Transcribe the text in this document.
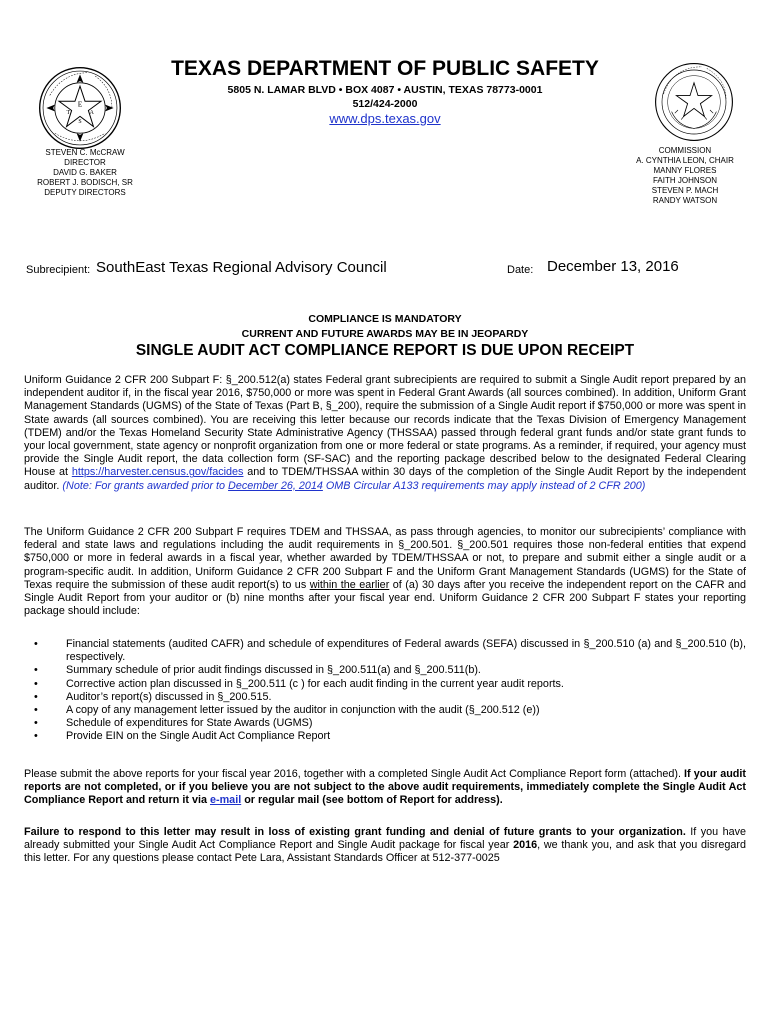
E
T	A
S
TEXAS DEPARTMENT OF PUBLIC SAFETY
5805 N. LAMAR BLVD • BOX 4087 • AUSTIN, TEXAS 78773-0001
512/424-2000
www.dps.texas.gov
STEVEN C. McCRAW
DIRECTOR
DAVID G. BAKER
ROBERT J. BODISCH, SR
DEPUTY DIRECTORS
COMMISSION
A. CYNTHIA LEON, CHAIR
MANNY FLORES
FAITH JOHNSON
STEVEN P. MACH
RANDY WATSON
Subrecipient: SouthEast Texas Regional Advisory Council	Date: December 13, 2016
COMPLIANCE IS MANDATORY
CURRENT AND FUTURE AWARDS MAY BE IN JEOPARDY
SINGLE AUDIT ACT COMPLIANCE REPORT IS DUE UPON RECEIPT

Uniform Guidance 2 CFR 200 Subpart F: §_200.512(a) states Federal grant subrecipients are required to submit a Single Audit report prepared by an independent auditor if, in the fiscal year 2016, $750,000 or more was spent in Federal Grant Awards (all sources combined). In addition, Uniform Grant Management Standards (UGMS) of the State of Texas (Part B, §_200), require the submission of a Single Audit report if $750,000 or more was spent in State awards (all sources combined). You are receiving this letter because our records indicate that the Texas Division of Emergency Management (TDEM) and/or the Texas Homeland Security State Administrative Agency (THSSAA) passed through federal grant funds and/or state grant funds to your local government, state agency or nonprofit organization from one or more federal or state programs. As a reminder, if required, your agency must provide the Single Audit report, the data collection form (SF-SAC) and the reporting package described below to the designated Federal Clearing House at https://harvester.census.gov/facides and to TDEM/THSSAA within 30 days of the completion of the Single Audit Report by the independent auditor. (Note: For grants awarded prior to December 26, 2014 OMB Circular A133 requirements may apply instead of 2 CFR 200)

The Uniform Guidance 2 CFR 200 Subpart F requires TDEM and THSSAA, as pass through agencies, to monitor our subrecipients’ compliance with federal and state laws and regulations including the audit requirements in §_200.501. §_200.501 requires those non-federal entities that expend $750,000 or more in federal awards in a fiscal year, whether awarded by TDEM/THSSAA or not, to prepare and submit either a single audit or a program-specific audit. In addition, Uniform Guidance 2 CFR 200 Subpart F and the Uniform Grant Management Standards (UGMS) for the State of Texas require the submission of these audit report(s) to us within the earlier of (a) 30 days after you receive the independent report on the CAFR and Single Audit Report from your auditor or (b) nine months after your fiscal year end. Uniform Guidance 2 CFR 200 Subpart F states your reporting package should include:

• Financial statements (audited CAFR) and schedule of expenditures of Federal awards (SEFA) discussed in §_200.510 (a) and §_200.510 (b), respectively.
• Summary schedule of prior audit findings discussed in §_200.511(a) and §_200.511(b).
• Corrective action plan discussed in §_200.511 (c ) for each audit finding in the current year audit reports.
• Auditor’s report(s) discussed in §_200.515.
• A copy of any management letter issued by the auditor in conjunction with the audit (§_200.512 (e))
• Schedule of expenditures for State Awards (UGMS)
• Provide EIN on the Single Audit Act Compliance Report

Please submit the above reports for your fiscal year 2016, together with a completed Single Audit Act Compliance Report form (attached). If your audit reports are not completed, or if you believe you are not subject to the above audit requirements, immediately complete the Single Audit Act Compliance Report and return it via e-mail or regular mail (see bottom of Report for address).

Failure to respond to this letter may result in loss of existing grant funding and denial of future grants to your organization. If you have already submitted your Single Audit Act Compliance Report and Single Audit package for fiscal year 2016, we thank you, and ask that you disregard this letter. For any questions please contact Pete Lara, Assistant Standards Officer at 512-377-0025
